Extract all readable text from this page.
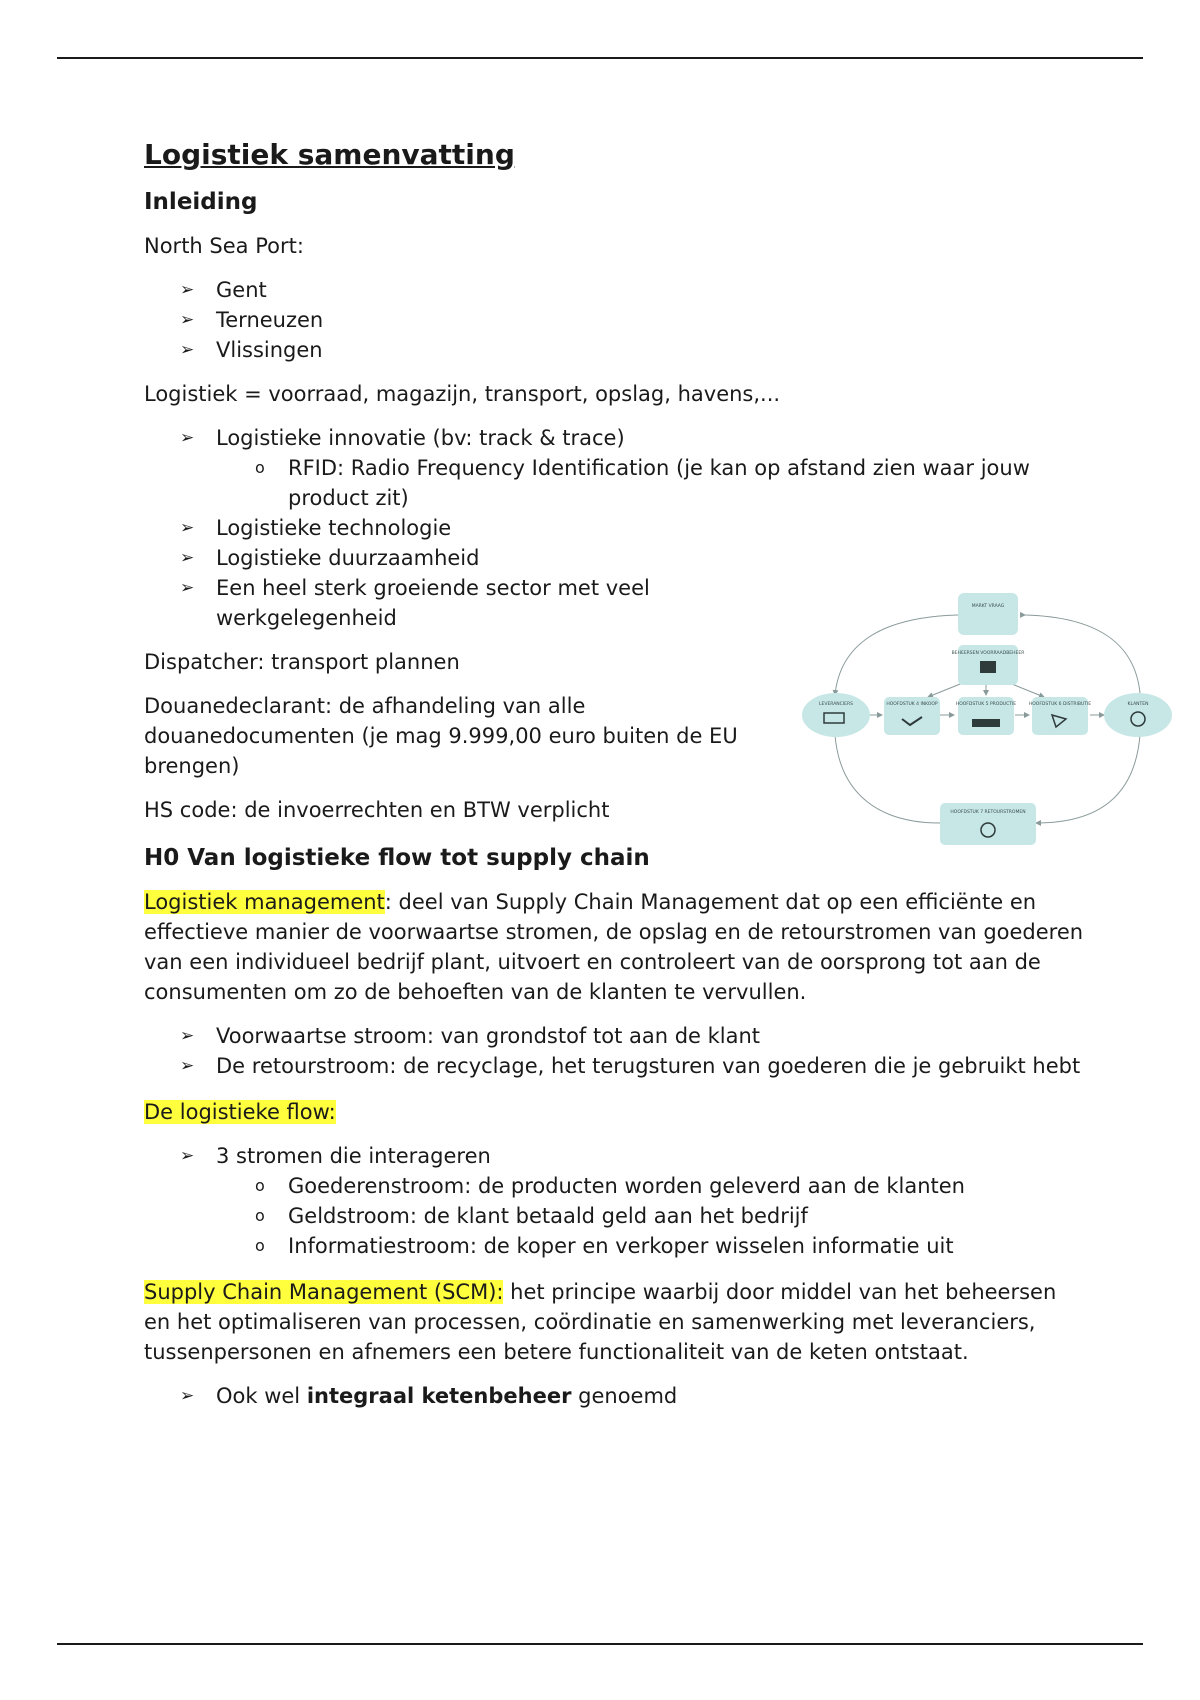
Logistiek samenvatting
Inleiding

North Sea Port:

➢ Gent
➢ Terneuzen
➢ Vlissingen

Logistiek = voorraad, magazijn, transport, opslag, havens,...

➢ Logistieke innovatie (bv: track & trace)
o RFID: Radio Frequency Identification (je kan op afstand zien waar jouw product zit)
➢ Logistieke technologie
➢ Logistieke duurzaamheid
➢ Een heel sterk groeiende sector met veel werkgelegenheid

Dispatcher: transport plannen

Douanedeclarant: de afhandeling van alle douanedocumenten (je mag 9.999,00 euro buiten de EU brengen)

HS code: de invoerrechten en BTW verplicht

H0 Van logistieke flow tot supply chain

Logistiek management: deel van Supply Chain Management dat op een efficiënte en effectieve manier de voorwaartse stromen, de opslag en de retourstromen van goederen van een individueel bedrijf plant, uitvoert en controleert van de oorsprong tot aan de consumenten om zo de behoeften van de klanten te vervullen.

➢ Voorwaartse stroom: van grondstof tot aan de klant
➢ De retourstroom: de recyclage, het terugsturen van goederen die je gebruikt hebt

De logistieke flow:

➢ 3 stromen die interageren
o Goederenstroom: de producten worden geleverd aan de klanten
o Geldstroom: de klant betaald geld aan het bedrijf
o Informatiestroom: de koper en verkoper wisselen informatie uit

Supply Chain Management (SCM): het principe waarbij door middel van het beheersen en het optimaliseren van processen, coördinatie en samenwerking met leveranciers, tussenpersonen en afnemers een betere functionaliteit van de keten ontstaat.

➢ Ook wel integraal ketenbeheer genoemd
MARKT VRAAG
BEHEERSEN VOORRAADBEHEER
LEVERANCIERS	HOOFDSTUK 4 INKOOP	HOOFDSTUK 5 PRODUCTIE	HOOFDSTUK 6 DISTRIBUTIE	KLANTEN
HOOFDSTUK 7 RETOURSTROMEN
